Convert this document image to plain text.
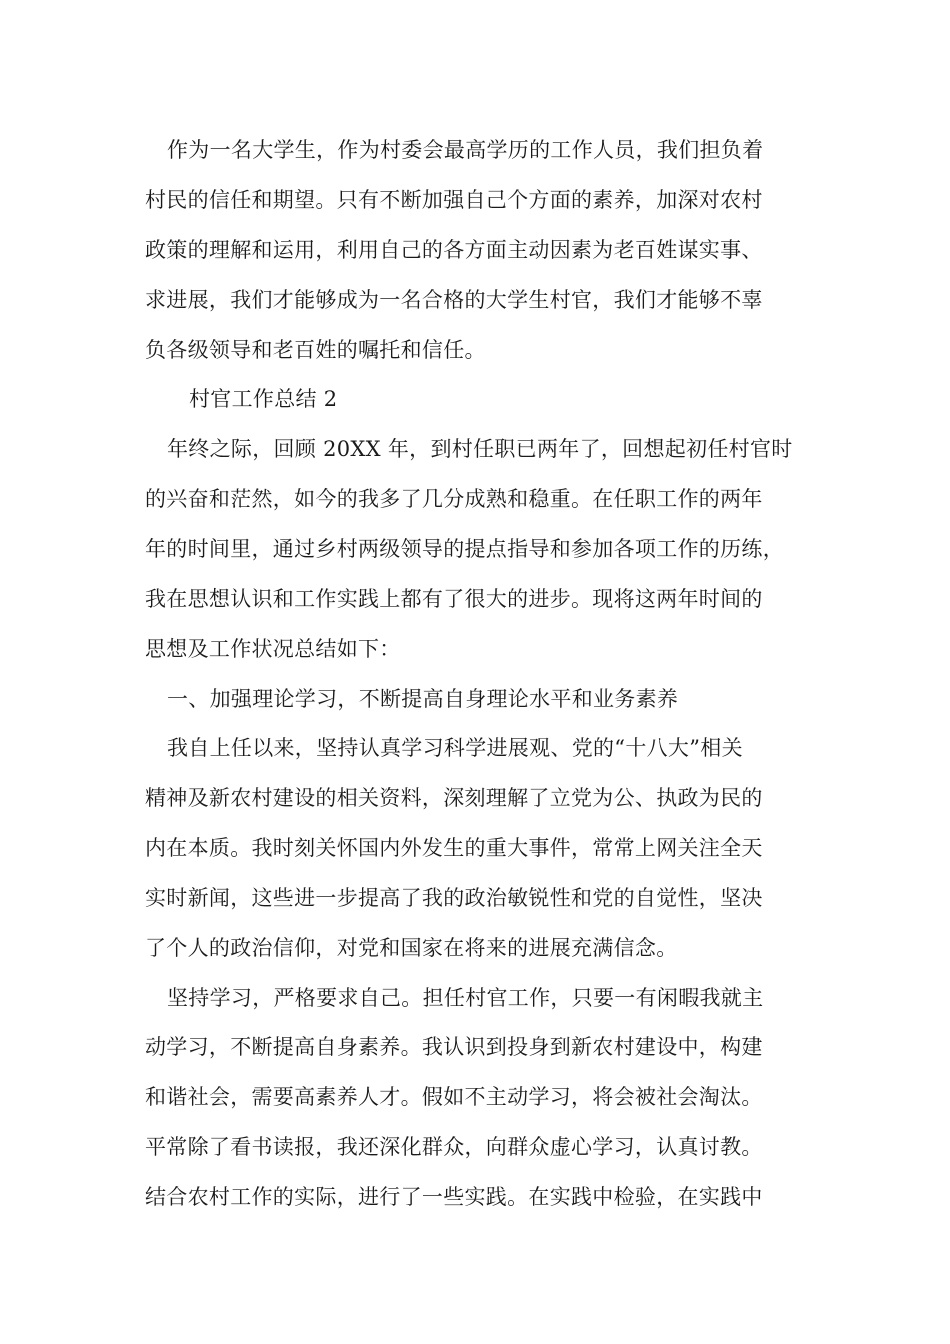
作为一名大学生，作为村委会最高学历的工作人员，我们担负着
村民的信任和期望。只有不断加强自己个方面的素养，加深对农村
政策的理解和运用，利用自己的各方面主动因素为老百姓谋实事、
求进展，我们才能够成为一名合格的大学生村官，我们才能够不辜
负各级领导和老百姓的嘱托和信任。
村官工作总结 2
年终之际，回顾 20XX 年，到村任职已两年了，回想起初任村官时
的兴奋和茫然，如今的我多了几分成熟和稳重。在任职工作的两年
年的时间里，通过乡村两级领导的提点指导和参加各项工作的历练，
我在思想认识和工作实践上都有了很大的进步。现将这两年时间的
思想及工作状况总结如下：
一、加强理论学习，不断提高自身理论水平和业务素养
我自上任以来，坚持认真学习科学进展观、党的“十八大”相关
精神及新农村建设的相关资料，深刻理解了立党为公、执政为民的
内在本质。我时刻关怀国内外发生的重大事件，常常上网关注全天
实时新闻，这些进一步提高了我的政治敏锐性和党的自觉性，坚决
了个人的政治信仰，对党和国家在将来的进展充满信念。
坚持学习，严格要求自己。担任村官工作，只要一有闲暇我就主
动学习，不断提高自身素养。我认识到投身到新农村建设中，构建
和谐社会，需要高素养人才。假如不主动学习，将会被社会淘汰。
平常除了看书读报，我还深化群众，向群众虚心学习，认真讨教。
结合农村工作的实际，进行了一些实践。在实践中检验，在实践中
